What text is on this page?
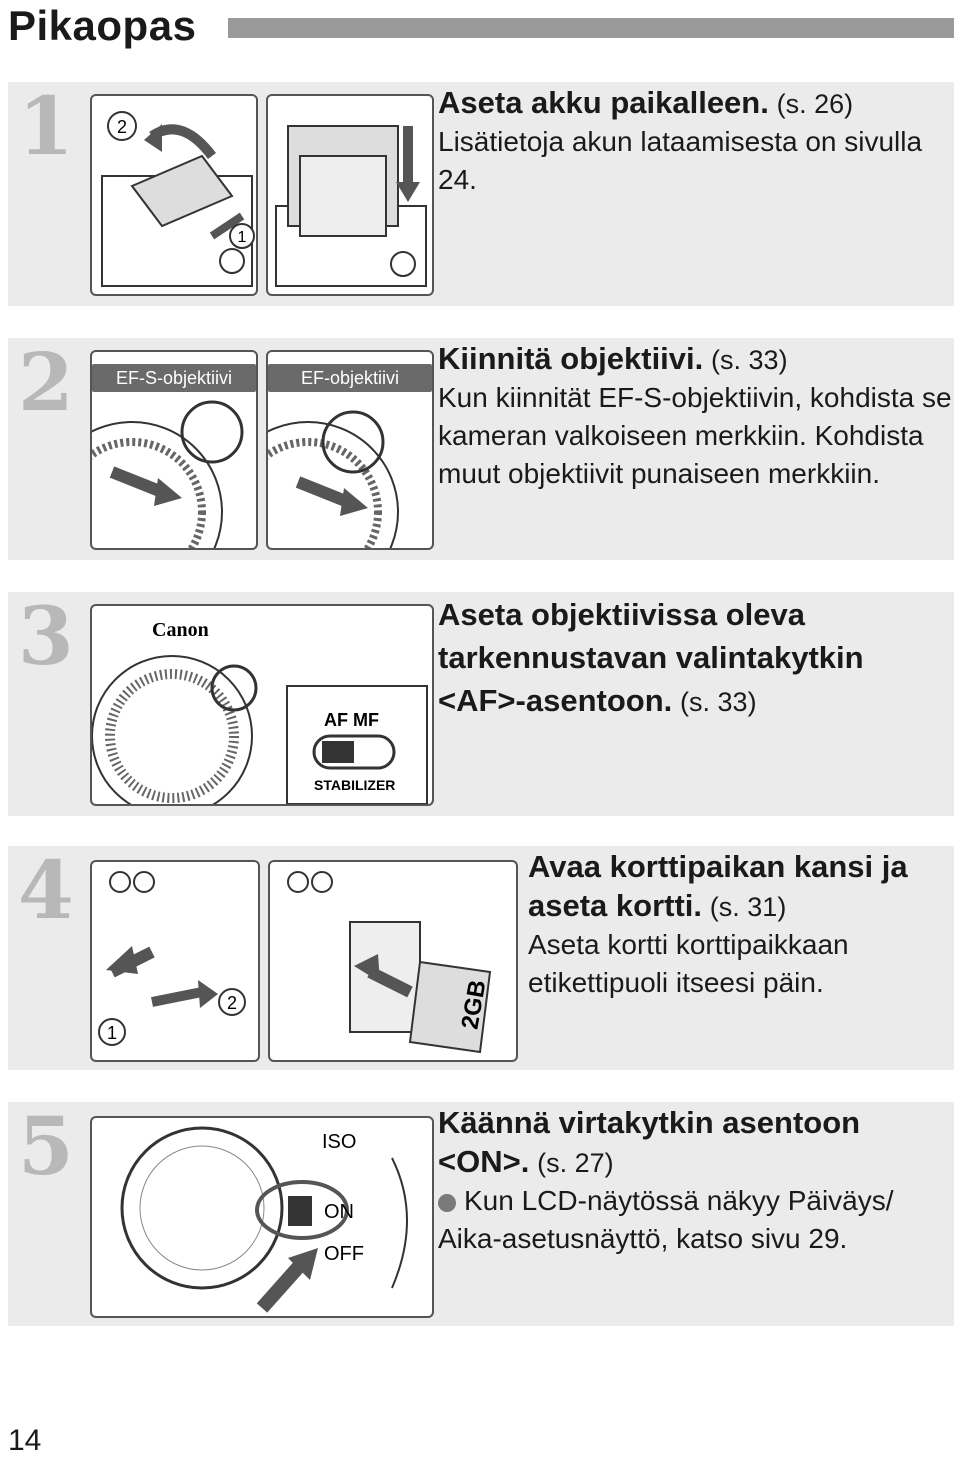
Pikaopas
1 2
1
Aseta akku paikalleen. (s. 26)
Lisätietoja akun lataamisesta on sivulla 24.
2	EF-S-objektiivi	EF-objektiivi
Kiinnitä objektiivi. (s. 33)
Kun kiinnität EF-S-objektiivin, kohdista se kameran valkoiseen merkkiin. Kohdista muut objektiivit punaiseen merkkiin.
3	Canon
AF MF
STABILIZER
Aseta objektiivissa oleva tarkennustavan valintakytkin <AF>-asentoon. (s. 33)
4
2
1
2GB
Avaa korttipaikan kansi ja aseta kortti. (s. 31)
Aseta kortti korttipaikkaan etikettipuoli itseesi päin.
5	ISO
ON
OFF
Käännä virtakytkin asentoon <ON>. (s. 27)
Kun LCD-näytössä näkyy Päiväys/ Aika-asetusnäyttö, katso sivu 29.
14
